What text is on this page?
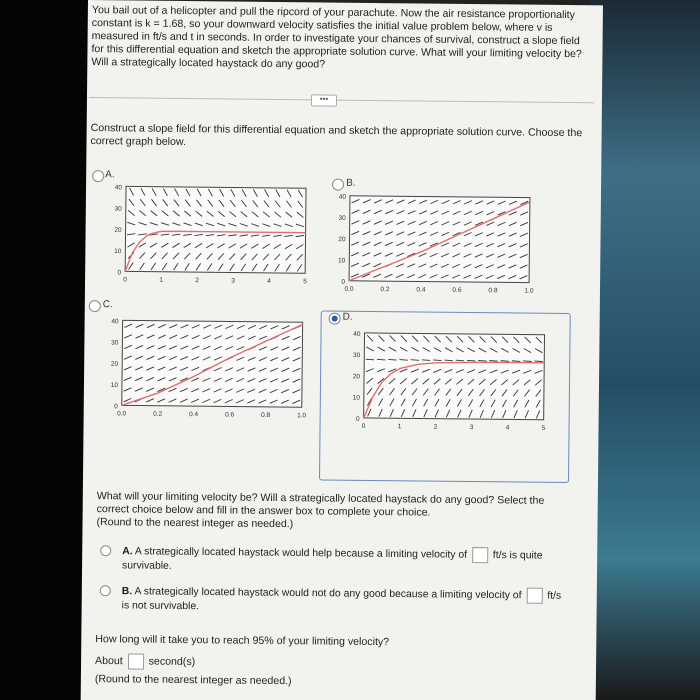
You bail out of a helicopter and pull the ripcord of your parachute. Now the air resistance proportionality constant is k = 1.68, so your downward velocity satisfies the initial value problem below, where v is measured in ft/s and t in seconds. In order to investigate your chances of survival, construct a slope field for this differential equation and sketch the appropriate solution curve. What will your limiting velocity be? Will a strategically located haystack do any good?
•••
Construct a slope field for this differential equation and sketch the appropriate solution curve. Choose the correct graph below.
A.
0
10
20
30
40
0	1	2	3	4	5
B.
0
10
20
30
40
0.0	0.2	0.4	0.6	0.8	1.0
C.
0
10
20
30
40
0.0	0.2	0.4	0.6	0.8	1.0
D.
0
10
20
30
40
0	1	2	3	4	5
What will your limiting velocity be? Will a strategically located haystack do any good? Select the correct choice below and fill in the answer box to complete your choice.
(Round to the nearest integer as needed.)
A. A strategically located haystack would help because a limiting velocity of ft/s is quite survivable.
B. A strategically located haystack would not do any good because a limiting velocity of ft/s is not survivable.
How long will it take you to reach 95% of your limiting velocity?
About second(s)
(Round to the nearest integer as needed.)
